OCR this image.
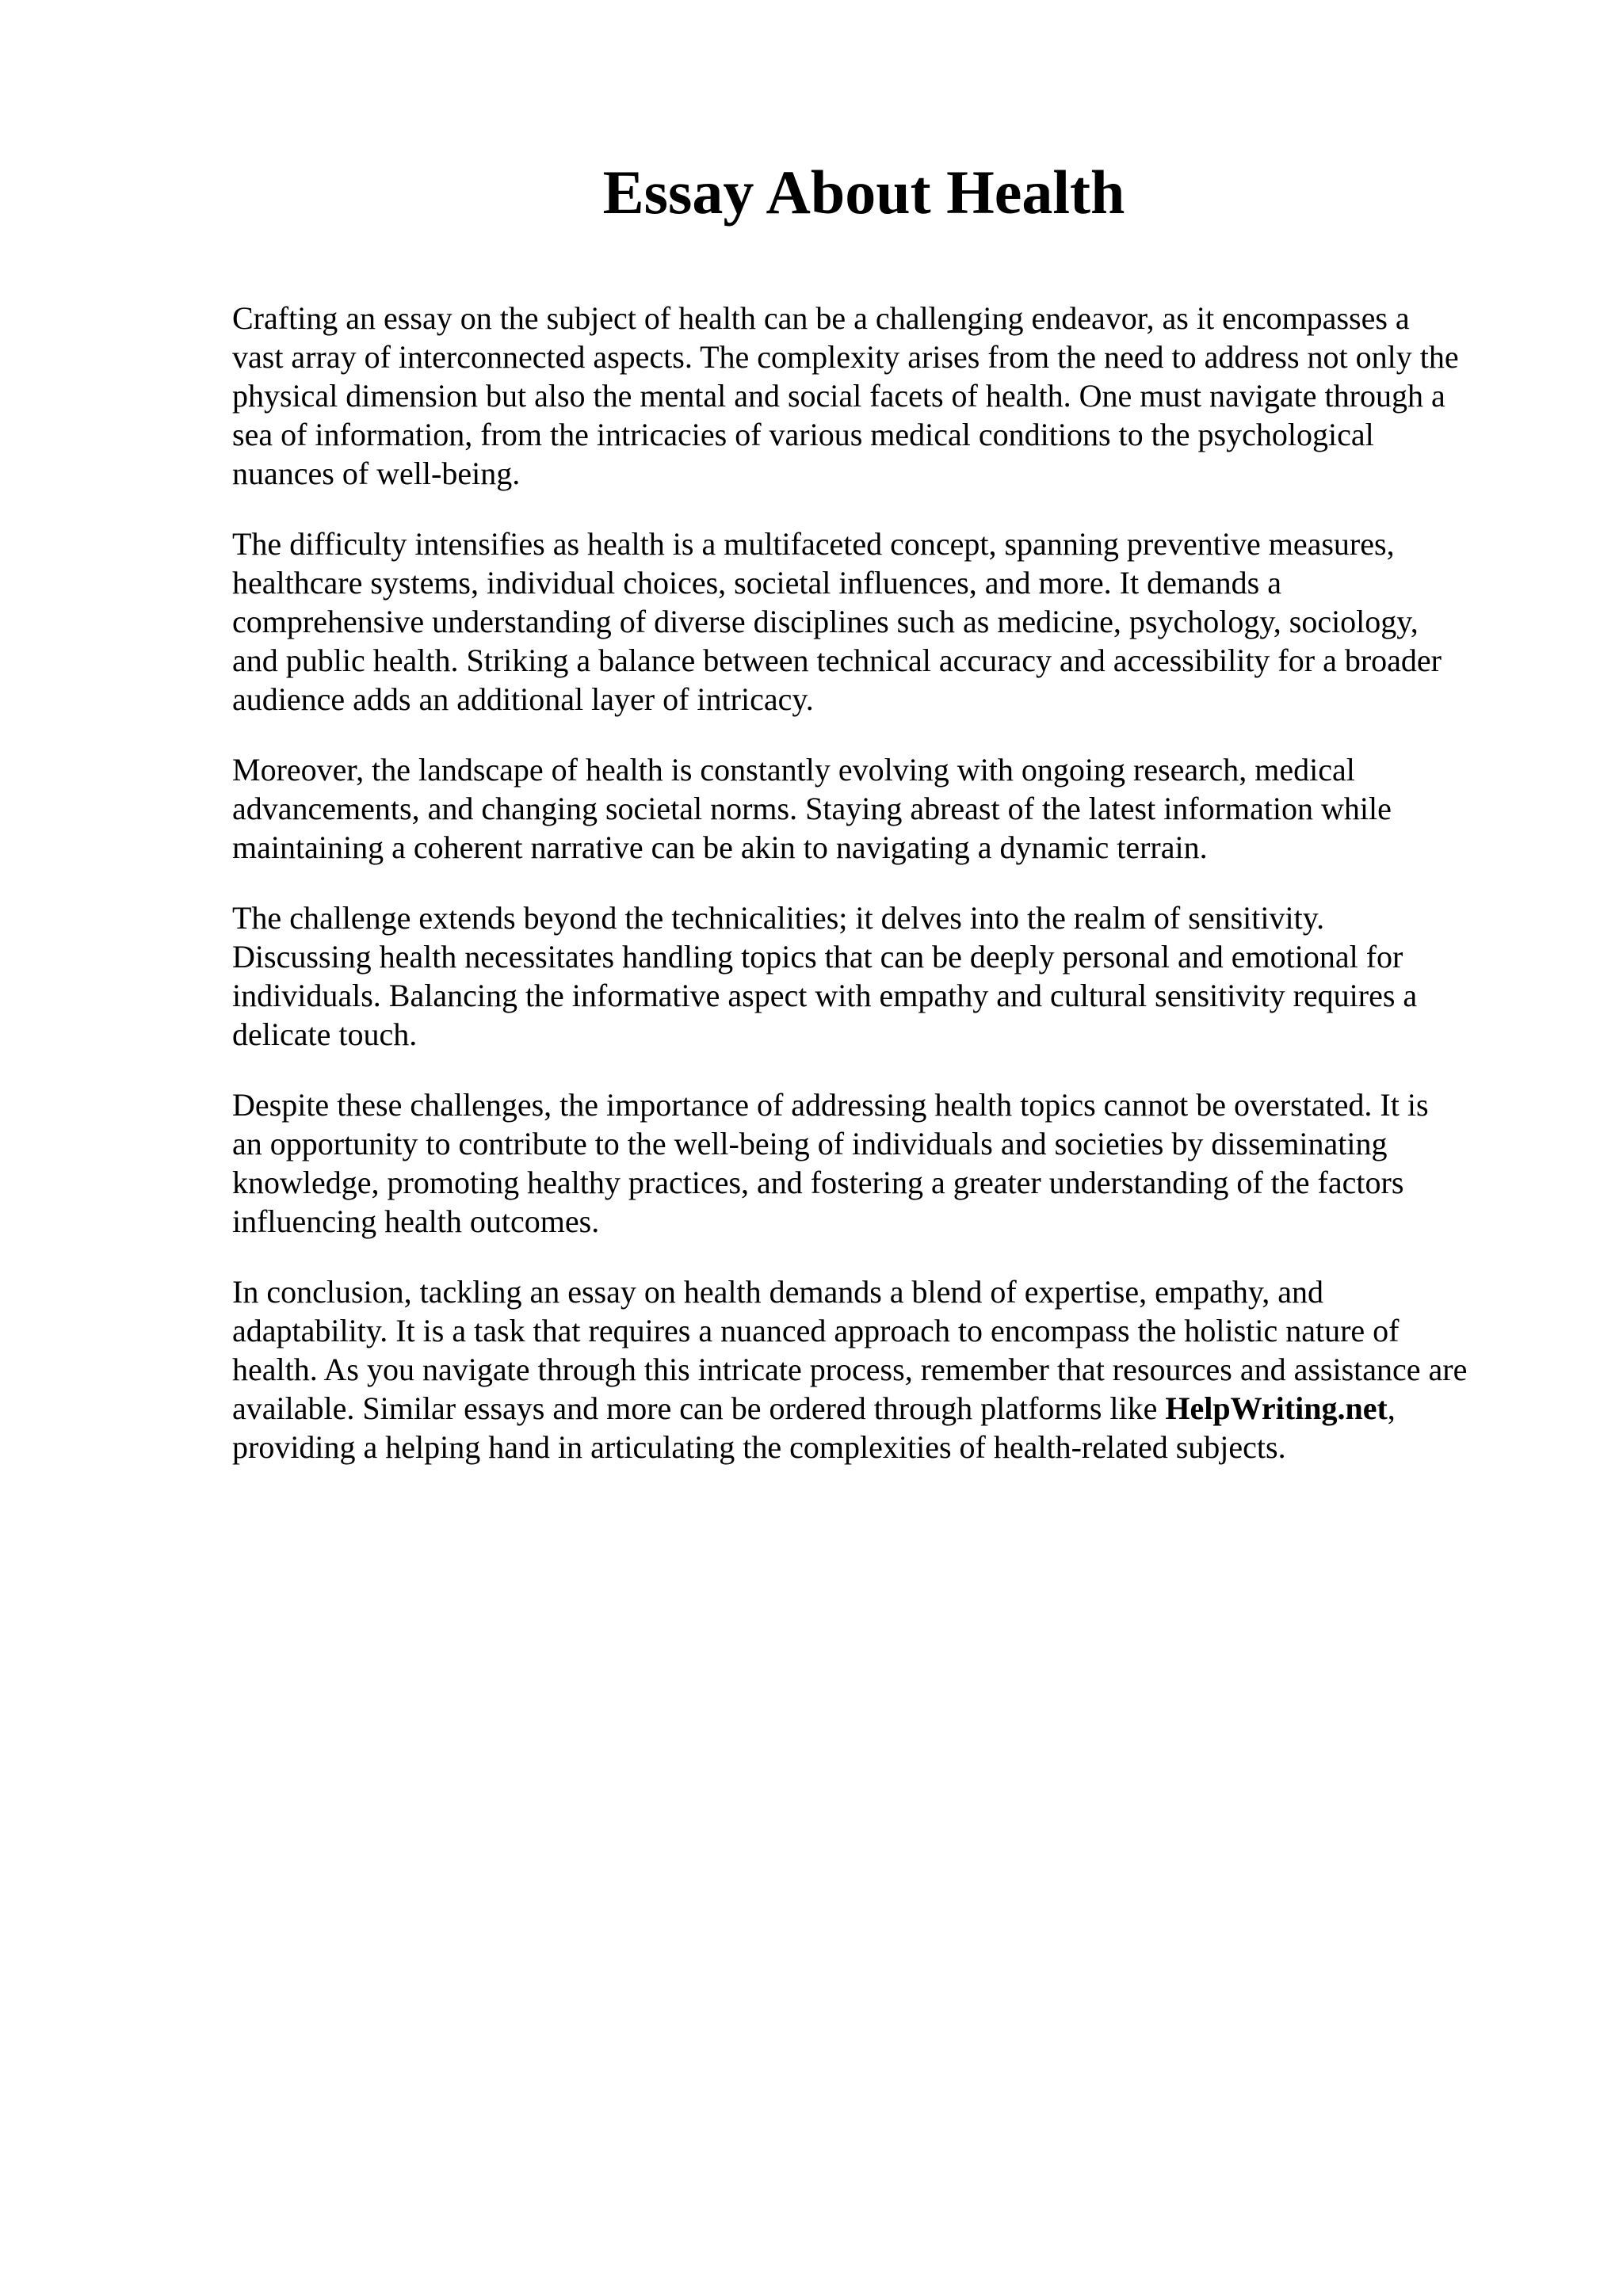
Essay About Health

Crafting an essay on the subject of health can be a challenging endeavor, as it encompasses a
vast array of interconnected aspects. The complexity arises from the need to address not only the
physical dimension but also the mental and social facets of health. One must navigate through a
sea of information, from the intricacies of various medical conditions to the psychological
nuances of well-being.

The difficulty intensifies as health is a multifaceted concept, spanning preventive measures,
healthcare systems, individual choices, societal influences, and more. It demands a
comprehensive understanding of diverse disciplines such as medicine, psychology, sociology,
and public health. Striking a balance between technical accuracy and accessibility for a broader
audience adds an additional layer of intricacy.

Moreover, the landscape of health is constantly evolving with ongoing research, medical
advancements, and changing societal norms. Staying abreast of the latest information while
maintaining a coherent narrative can be akin to navigating a dynamic terrain.

The challenge extends beyond the technicalities; it delves into the realm of sensitivity.
Discussing health necessitates handling topics that can be deeply personal and emotional for
individuals. Balancing the informative aspect with empathy and cultural sensitivity requires a
delicate touch.

Despite these challenges, the importance of addressing health topics cannot be overstated. It is
an opportunity to contribute to the well-being of individuals and societies by disseminating
knowledge, promoting healthy practices, and fostering a greater understanding of the factors
influencing health outcomes.

In conclusion, tackling an essay on health demands a blend of expertise, empathy, and
adaptability. It is a task that requires a nuanced approach to encompass the holistic nature of
health. As you navigate through this intricate process, remember that resources and assistance are
available. Similar essays and more can be ordered through platforms like HelpWriting.net,
providing a helping hand in articulating the complexities of health-related subjects.
